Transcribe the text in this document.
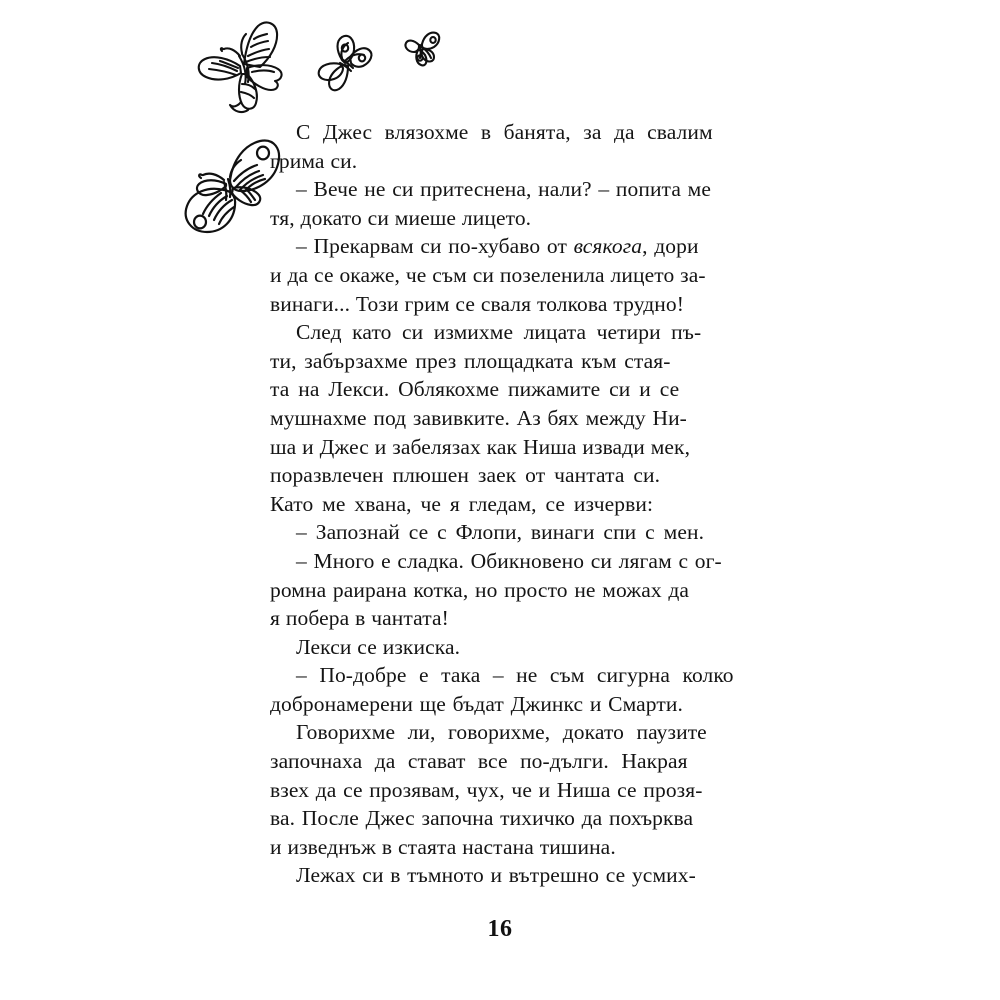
С Джес влязохме в банята, за да свалим
грима си.
– Вече не си притеснена, нали? – попита ме
тя, докато си миеше лицето.
– Прекарвам си по-хубаво от всякога, дори
и да се окаже, че съм си позеленила лицето за-
винаги... Този грим се сваля толкова трудно!
След като си измихме лицата четири пъ-
ти, забързахме през площадката към стая-
та на Лекси. Облякохме пижамите си и се
мушнахме под завивките. Аз бях между Ни-
ша и Джес и забелязах как Ниша извади мек,
поразвлечен плюшен заек от чантата си.
Като ме хвана, че я гледам, се изчерви:
– Запознай се с Флопи, винаги спи с мен.
– Много е сладка. Обикновено си лягам с ог-
ромна раирана котка, но просто не можах да
я побера в чантата!
Лекси се изкиска.
– По-добре е така – не съм сигурна колко
добронамерени ще бъдат Джинкс и Смарти.
Говорихме ли, говорихме, докато паузите
започнаха да стават все по-дълги. Накрая
взех да се прозявам, чух, че и Ниша се прозя-
ва. После Джес започна тихичко да похърква
и изведнъж в стаята настана тишина.
Лежах си в тъмното и вътрешно се усмих-
16
